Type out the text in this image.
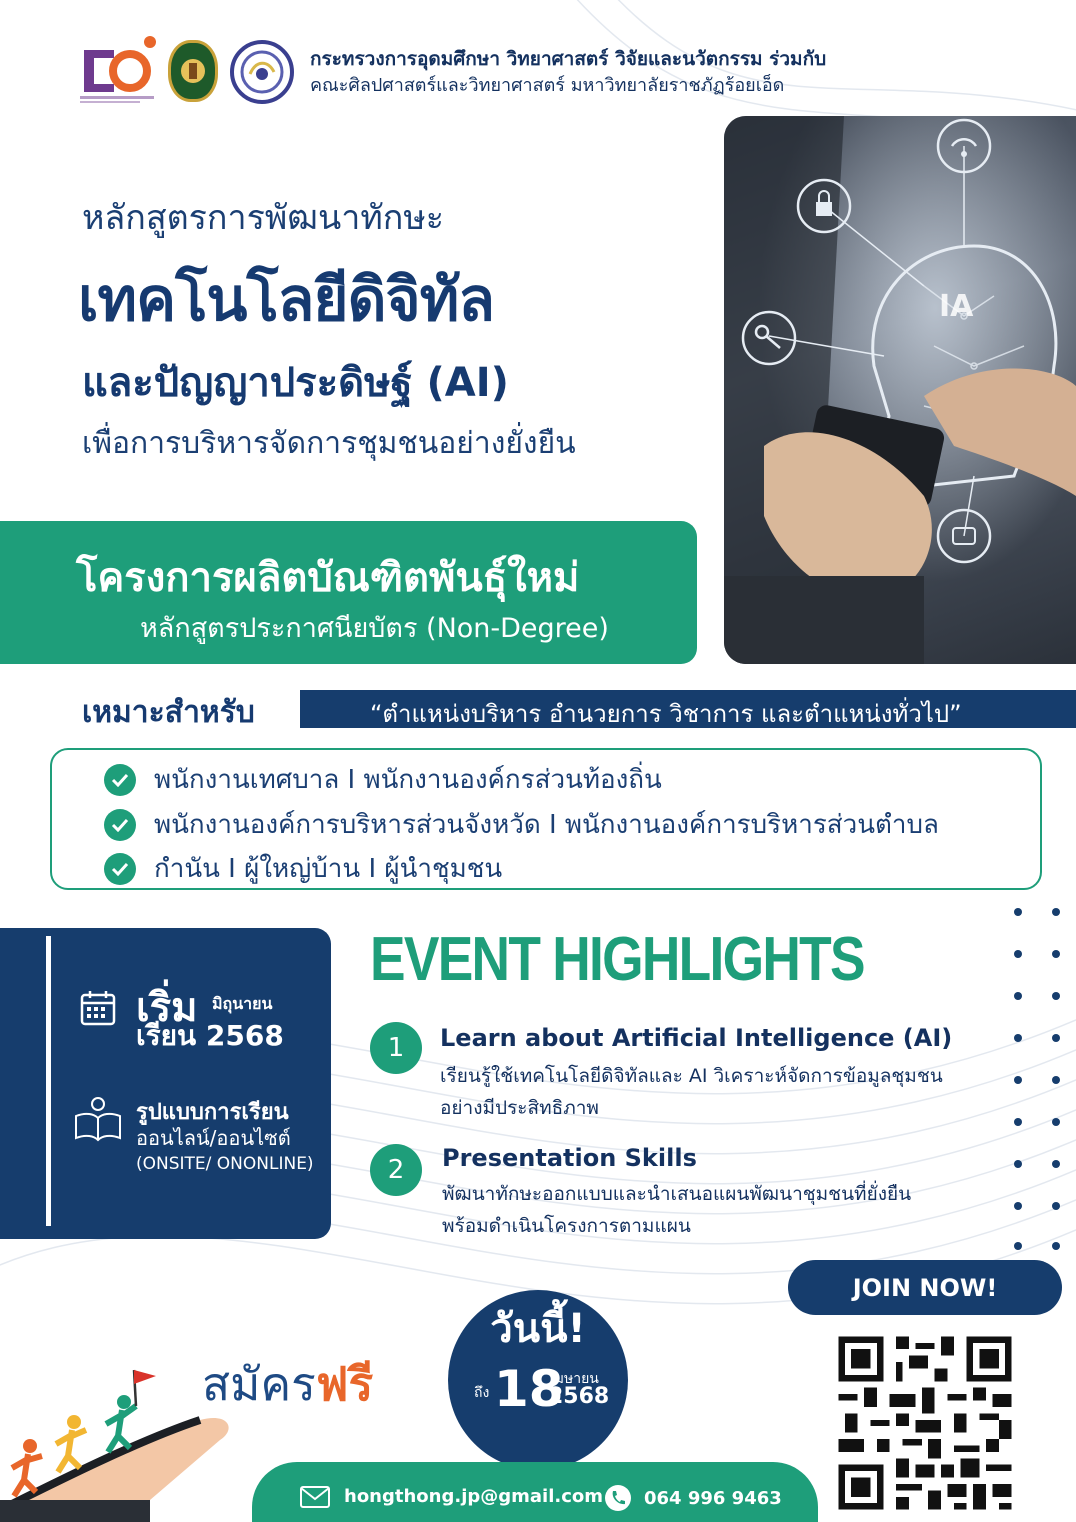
กระทรวงการอุดมศึกษา วิทยาศาสตร์ วิจัยและนวัตกรรม ร่วมกับ
คณะศิลปศาสตร์และวิทยาศาสตร์ มหาวิทยาลัยราชภัฏร้อยเอ็ด
หลักสูตรการพัฒนาทักษะ
เทคโนโลยีดิจิทัล
และปัญญาประดิษฐ์ (AI)
เพื่อการบริหารจัดการชุมชนอย่างยั่งยืน
IA
โครงการผลิตบัณฑิตพันธุ์ใหม่
หลักสูตรประกาศนียบัตร (Non-Degree)
เหมาะสำหรับ	“ตำแหน่งบริหาร อำนวยการ วิชาการ และตำแหน่งทั่วไป”
พนักงานเทศบาล I พนักงานองค์กรส่วนท้องถิ่น
พนักงานองค์การบริหารส่วนจังหวัด I พนักงานองค์การบริหารส่วนตำบล
กำนัน I ผู้ใหญ่บ้าน I ผู้นำชุมชน
เริ่ม มิถุนายน
เรียน 2568
รูปแบบการเรียน
ออนไลน์/ออนไซต์
(ONSITE/ ONONLINE)
EVENT HIGHLIGHTS
1	Learn about Artificial Intelligence (AI)
เรียนรู้ใช้เทคโนโลยีดิจิทัลและ AI วิเคราะห์จัดการข้อมูลชุมชน
อย่างมีประสิทธิภาพ
2	Presentation Skills
พัฒนาทักษะออกแบบและนำเสนอแผนพัฒนาชุมชนที่ยั่งยืน
พร้อมดำเนินโครงการตามแผน
JOIN NOW!
วันนี้!
ถึง 18
เมษายน
2568
สมัครฟรี
hongthong.jp@gmail.com 064 996 9463
